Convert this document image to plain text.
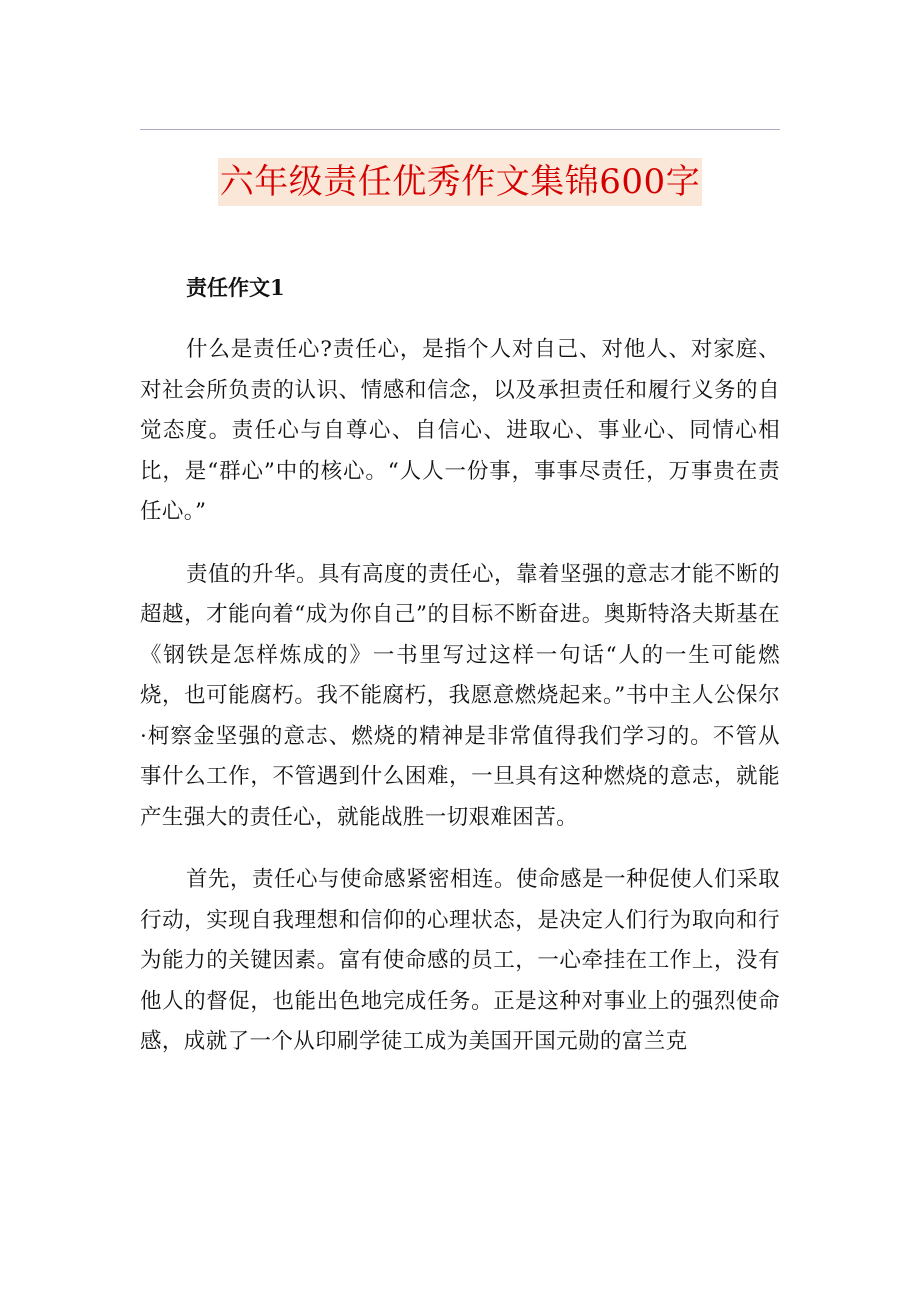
六年级责任优秀作文集锦600字
责任作文1

什么是责任心?责任心，是指个人对自己、对他人、对家庭、对社会所负责的认识、情感和信念，以及承担责任和履行义务的自觉态度。责任心与自尊心、自信心、进取心、事业心、同情心相比，是“群心”中的核心。“人人一份事，事事尽责任，万事贵在责任心。”

责值的升华。具有高度的责任心，靠着坚强的意志才能不断的超越，才能向着“成为你自己”的目标不断奋进。奥斯特洛夫斯基在《钢铁是怎样炼成的》一书里写过这样一句话“人的一生可能燃烧，也可能腐朽。我不能腐朽，我愿意燃烧起来。”书中主人公保尔·柯察金坚强的意志、燃烧的精神是非常值得我们学习的。不管从事什么工作，不管遇到什么困难，一旦具有这种燃烧的意志，就能产生强大的责任心，就能战胜一切艰难困苦。

首先，责任心与使命感紧密相连。使命感是一种促使人们采取行动，实现自我理想和信仰的心理状态，是决定人们行为取向和行为能力的关键因素。富有使命感的员工，一心牵挂在工作上，没有他人的督促，也能出色地完成任务。正是这种对事业上的强烈使命感，成就了一个从印刷学徒工成为美国开国元勋的富兰克
